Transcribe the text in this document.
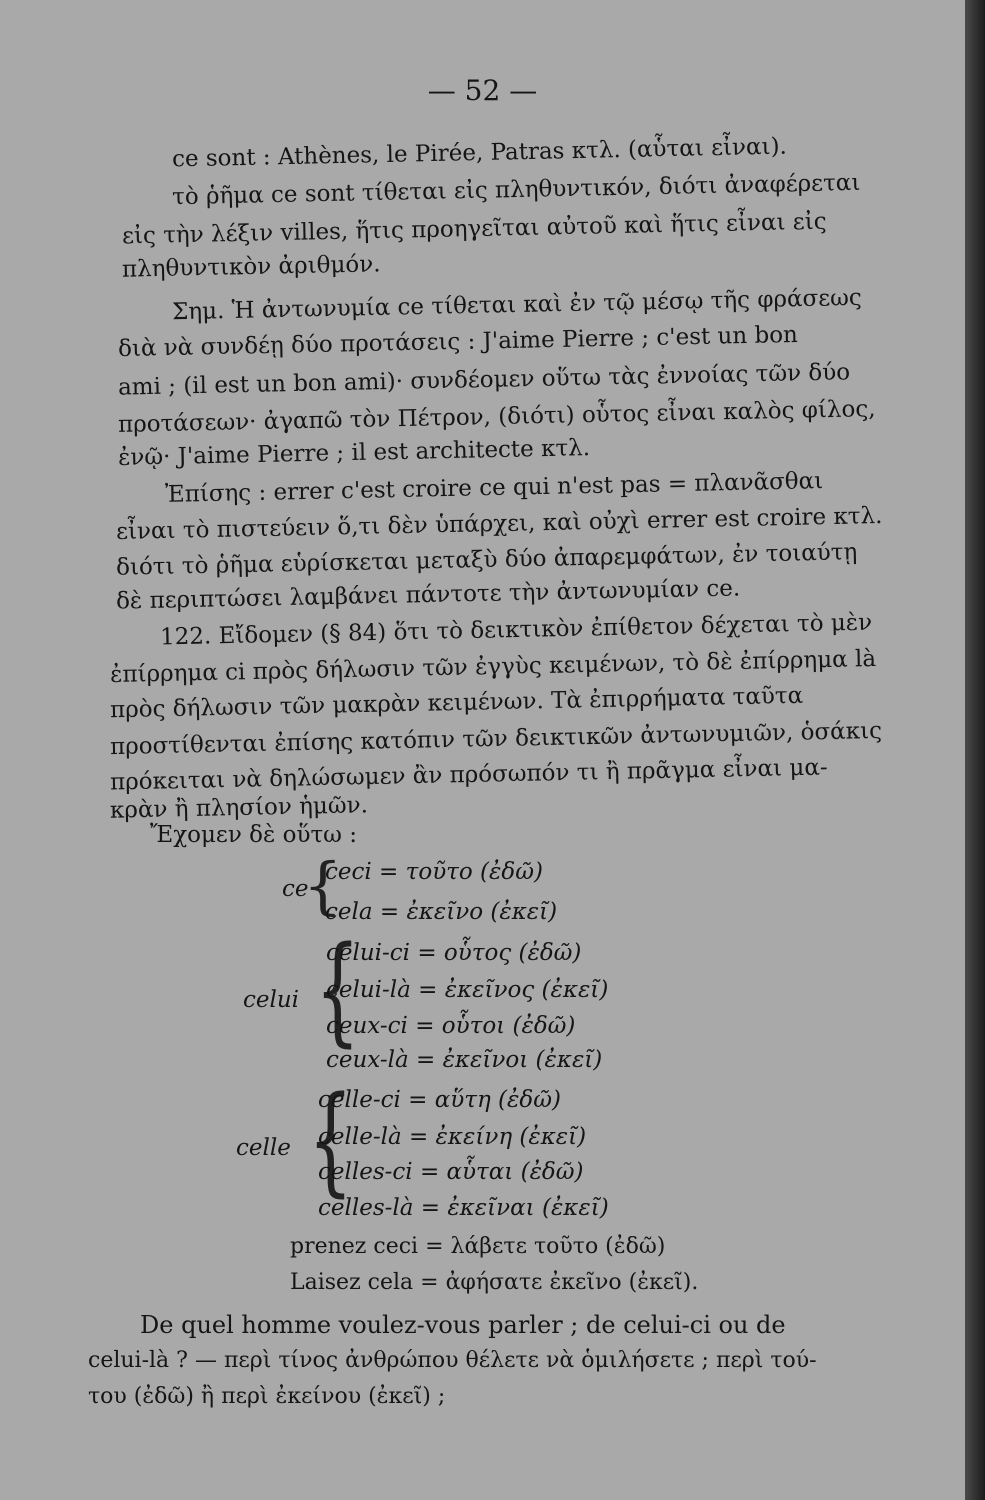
— 52 —

ce sont : Athènes, le Pirée, Patras κτλ. (αὗται εἶναι).

τὸ ῥῆμα ce sont τίθεται εἰς πληθυντικόν, διότι ἀναφέρεται

εἰς τὴν λέξιν villes, ἥτις προηγεῖται αὐτοῦ καὶ ἥτις εἶναι εἰς

πληθυντικὸν ἀριθμόν.

Σημ. Ἡ ἀντωνυμία ce τίθεται καὶ ἐν τῷ μέσῳ τῆς φράσεως

διὰ νὰ συνδέῃ δύο προτάσεις : J'aime Pierre ; c'est un bon

ami ; (il est un bon ami)· συνδέομεν οὕτω τὰς ἐννοίας τῶν δύο

προτάσεων· ἀγαπῶ τὸν Πέτρον, (διότι) οὗτος εἶναι καλὸς φίλος,

ἐνῷ· J'aime Pierre ; il est architecte κτλ.

Ἐπίσης : errer c'est croire ce qui n'est pas = πλανᾶσθαι

εἶναι τὸ πιστεύειν ὅ,τι δὲν ὑπάρχει, καὶ οὐχὶ errer est croire κτλ.

διότι τὸ ῥῆμα εὑρίσκεται μεταξὺ δύο ἀπαρεμφάτων, ἐν τοιαύτῃ

δὲ περιπτώσει λαμβάνει πάντοτε τὴν ἀντωνυμίαν ce.

122. Εἴδομεν (§ 84) ὅτι τὸ δεικτικὸν ἐπίθετον δέχεται τὸ μὲν

ἐπίρρημα ci πρὸς δήλωσιν τῶν ἐγγὺς κειμένων, τὸ δὲ ἐπίρρημα là

πρὸς δήλωσιν τῶν μακρὰν κειμένων. Τὰ ἐπιρρήματα ταῦτα

προστίθενται ἐπίσης κατόπιν τῶν δεικτικῶν ἀντωνυμιῶν, ὁσάκις

πρόκειται νὰ δηλώσωμεν ἂν πρόσωπόν τι ἢ πρᾶγμα εἶναι μα-

κρὰν ἢ πλησίον ἡμῶν.

Ἔχομεν δὲ οὕτω :

ce
{

ceci = τοῦτο (ἐδῶ)

cela = ἐκεῖνο (ἐκεῖ)

celui {

celui-ci = οὗτος (ἐδῶ)

celui-là = ἐκεῖνος (ἐκεῖ)

ceux-ci = οὗτοι (ἐδῶ)

ceux-là = ἐκεῖνοι (ἐκεῖ)

celle {

celle-ci = αὕτη (ἐδῶ)

celle-là = ἐκείνη (ἐκεῖ)

celles-ci = αὗται (ἐδῶ)

celles-là = ἐκεῖναι (ἐκεῖ)

prenez ceci = λάβετε τοῦτο (ἐδῶ)

Laisez cela = ἀφήσατε ἐκεῖνο (ἐκεῖ).

De quel homme voulez-vous parler ; de celui-ci ou de

celui-là ? — περὶ τίνος ἀνθρώπου θέλετε νὰ ὁμιλήσετε ; περὶ τού-

του (ἐδῶ) ἢ περὶ ἐκείνου (ἐκεῖ) ;
